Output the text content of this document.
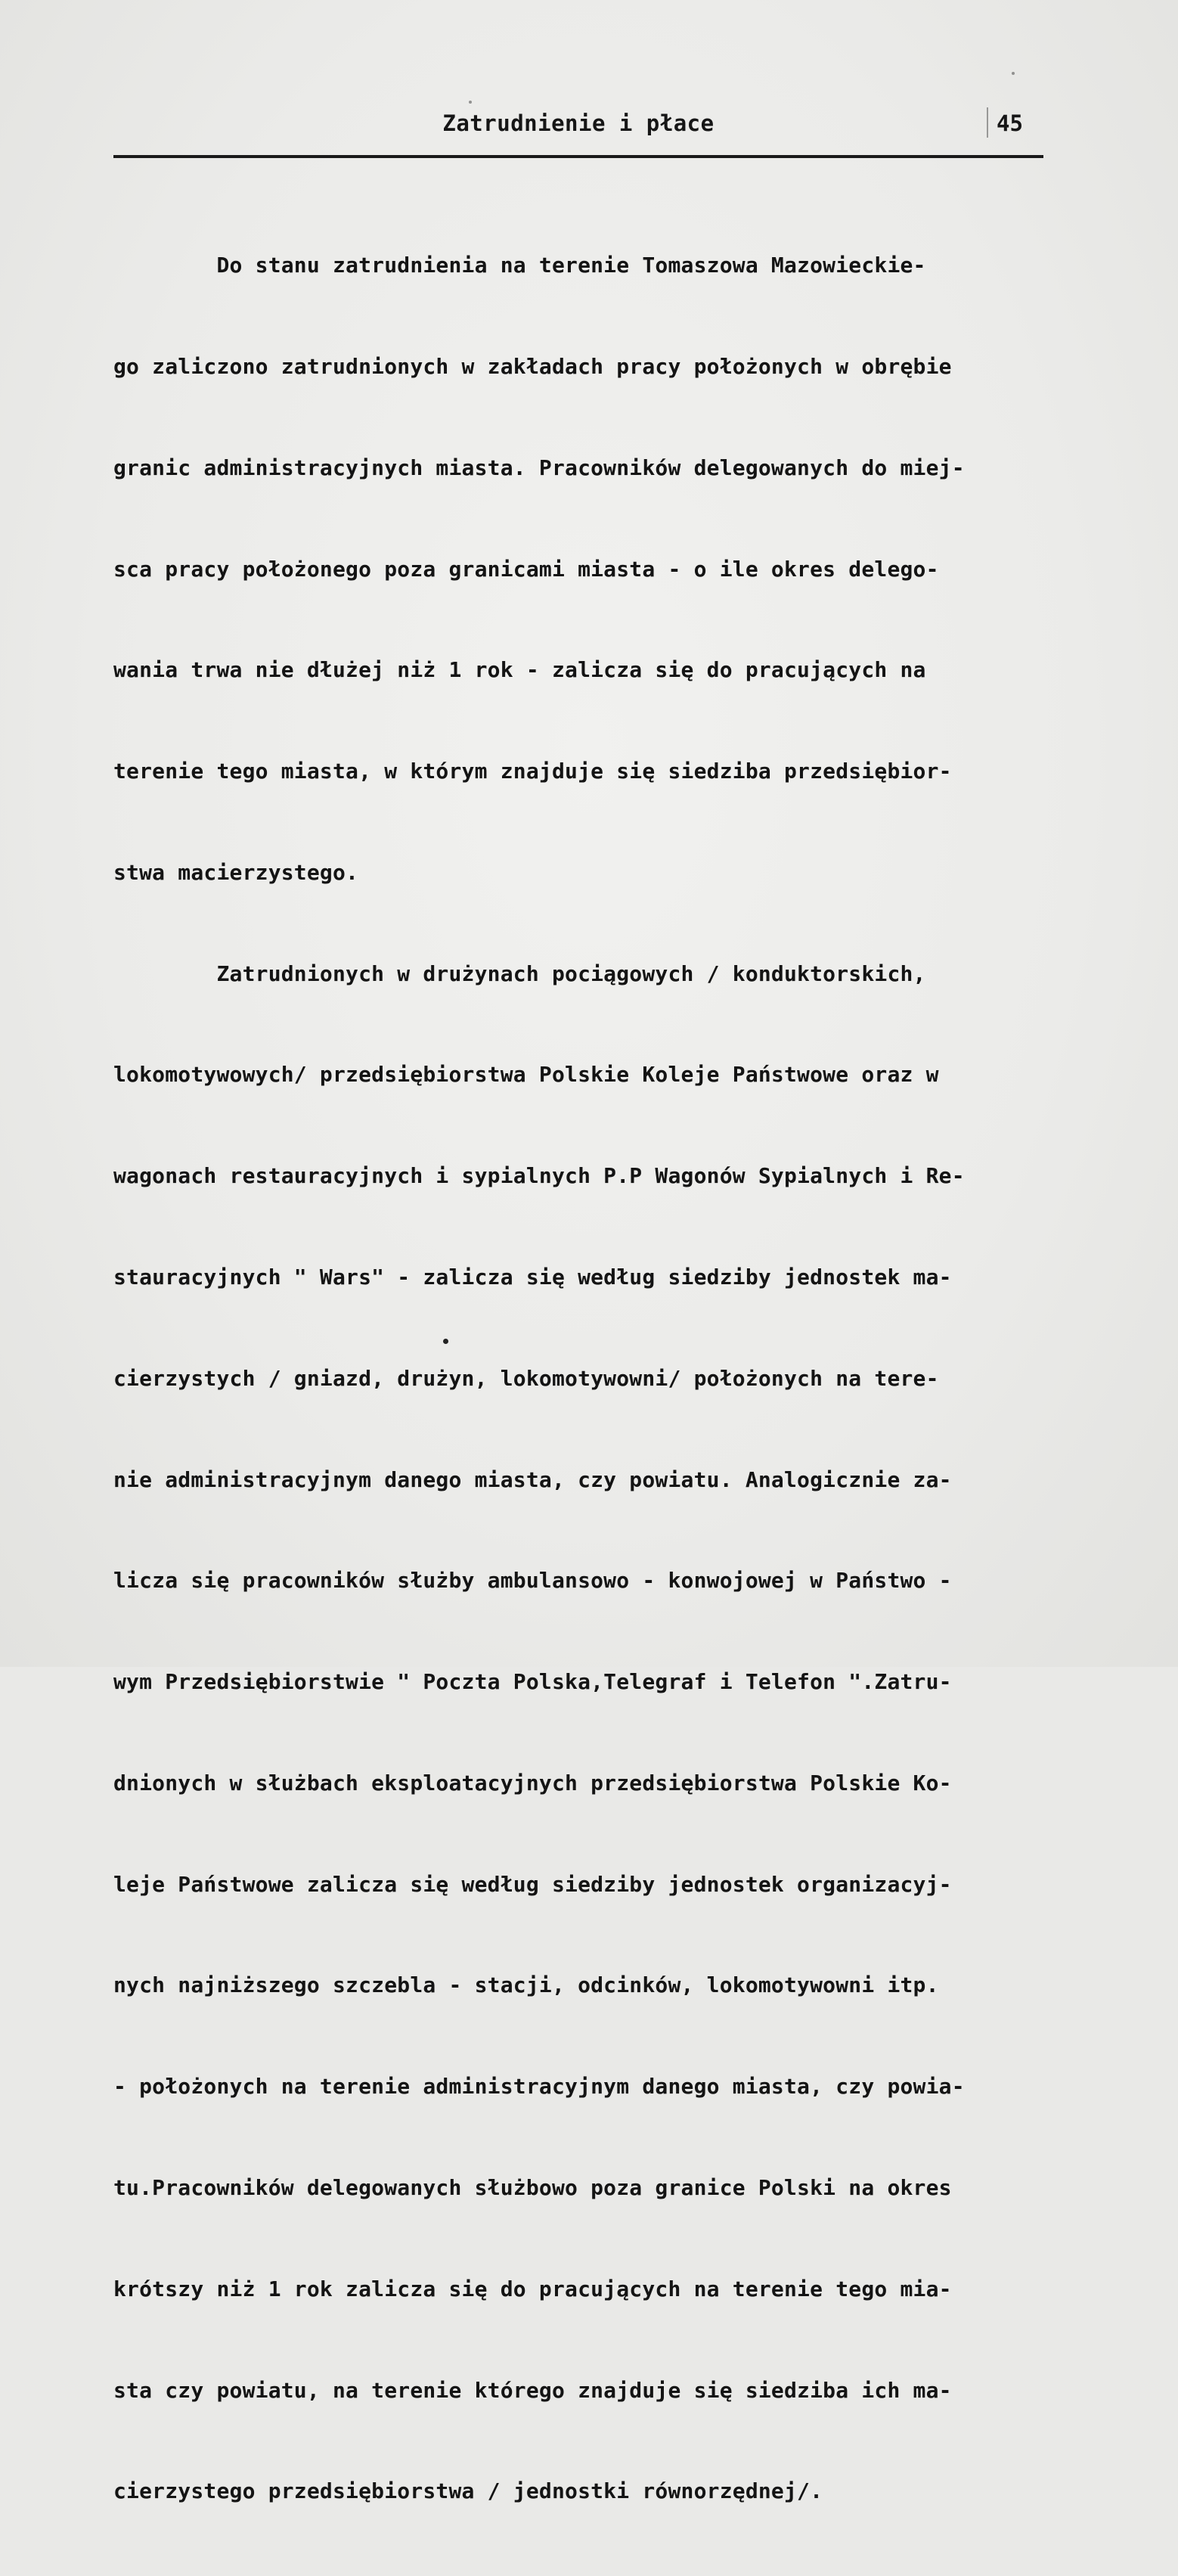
Zatrudnienie i płace	45

Do stanu zatrudnienia na terenie Tomaszowa Mazowieckie-

go zaliczono zatrudnionych w zakładach pracy położonych w obrębie

granic administracyjnych miasta. Pracowników delegowanych do miej-

sca pracy położonego poza granicami miasta - o ile okres delego-

wania trwa nie dłużej niż 1 rok - zalicza się do pracujących na

terenie tego miasta, w którym znajduje się siedziba przedsiębior-

stwa macierzystego.

Zatrudnionych w drużynach pociągowych / konduktorskich,

lokomotywowych/ przedsiębiorstwa Polskie Koleje Państwowe oraz w

wagonach restauracyjnych i sypialnych P.P Wagonów Sypialnych i Re-

stauracyjnych " Wars" - zalicza się według siedziby jednostek ma-

cierzystych / gniazd, drużyn, lokomotywowni/ położonych na tere-

nie administracyjnym danego miasta, czy powiatu. Analogicznie za-

licza się pracowników służby ambulansowo - konwojowej w Państwo -

wym Przedsiębiorstwie " Poczta Polska,Telegraf i Telefon ".Zatru-

dnionych w służbach eksploatacyjnych przedsiębiorstwa Polskie Ko-

leje Państwowe zalicza się według siedziby jednostek organizacyj-

nych najniższego szczebla - stacji, odcinków, lokomotywowni itp.

- położonych na terenie administracyjnym danego miasta, czy powia-

tu.Pracowników delegowanych służbowo poza granice Polski na okres

krótszy niż 1 rok zalicza się do pracujących na terenie tego mia-

sta czy powiatu, na terenie którego znajduje się siedziba ich ma-

cierzystego przedsiębiorstwa / jednostki równorzędnej/.
